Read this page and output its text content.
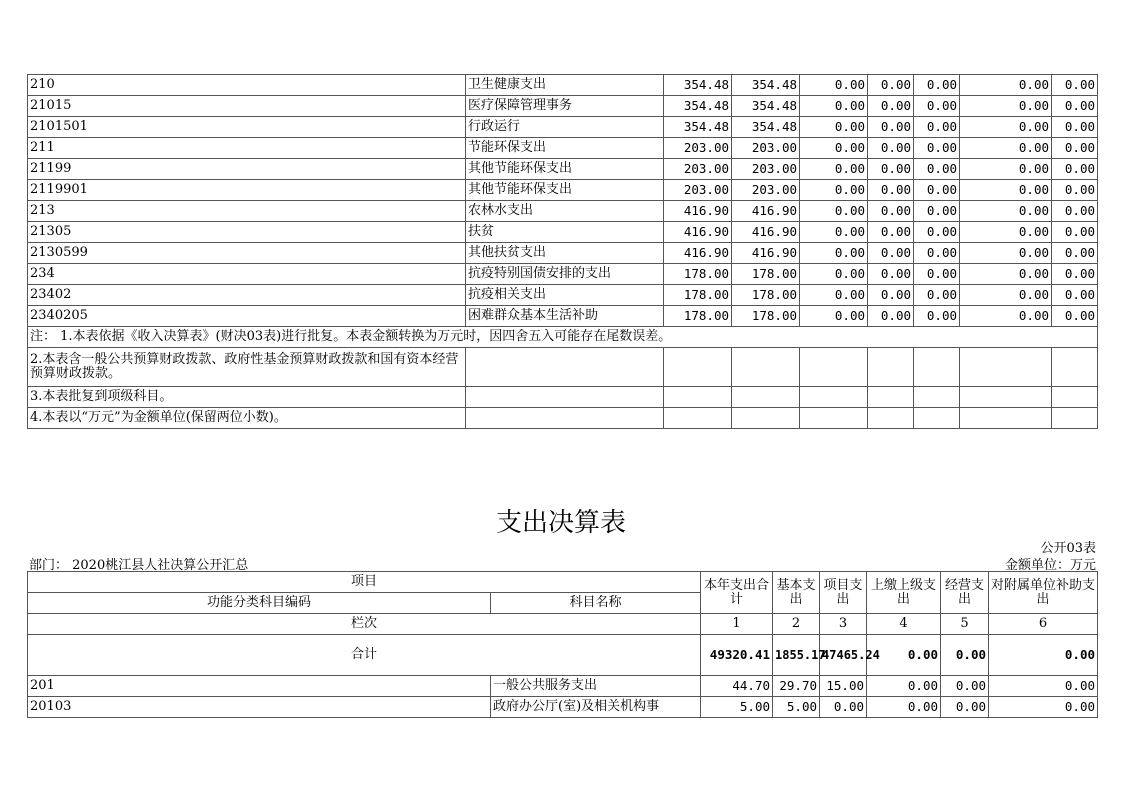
210	卫生健康支出	354.48	354.48	0.00	0.00	0.00	0.00	0.00
21015	医疗保障管理事务	354.48	354.48	0.00	0.00	0.00	0.00	0.00
2101501	行政运行	354.48	354.48	0.00	0.00	0.00	0.00	0.00
211	节能环保支出	203.00	203.00	0.00	0.00	0.00	0.00	0.00
21199	其他节能环保支出	203.00	203.00	0.00	0.00	0.00	0.00	0.00
2119901	其他节能环保支出	203.00	203.00	0.00	0.00	0.00	0.00	0.00
213	农林水支出	416.90	416.90	0.00	0.00	0.00	0.00	0.00
21305	扶贫	416.90	416.90	0.00	0.00	0.00	0.00	0.00
2130599	其他扶贫支出	416.90	416.90	0.00	0.00	0.00	0.00	0.00
234	抗疫特别国债安排的支出	178.00	178.00	0.00	0.00	0.00	0.00	0.00
23402	抗疫相关支出	178.00	178.00	0.00	0.00	0.00	0.00	0.00
2340205	困难群众基本生活补助	178.00	178.00	0.00	0.00	0.00	0.00	0.00
注： 1.本表依据《收入决算表》(财决03表)进行批复。本表金额转换为万元时，因四舍五入可能存在尾数误差。								
2.本表含一般公共预算财政拨款、政府性基金预算财政拨款和国有资本经营预算财政拨款。								
3.本表批复到项级科目。								
4.本表以“万元”为金额单位(保留两位小数)。								
支出决算表
公开03表
部门： 2020桃江县人社决算公开汇总	金额单位：万元
项目		本年支出合计	基本支出	项目支出	上缴上级支出	经营支出	对附属单位补助支出
功能分类科目编码	科目名称						
栏次		1	2	3	4	5	6
合计		49320.41	1855.17	47465.24	0.00	0.00	0.00
201	一般公共服务支出	44.70	29.70	15.00	0.00	0.00	0.00
20103	政府办公厅(室)及相关机构事	5.00	5.00	0.00	0.00	0.00	0.00
